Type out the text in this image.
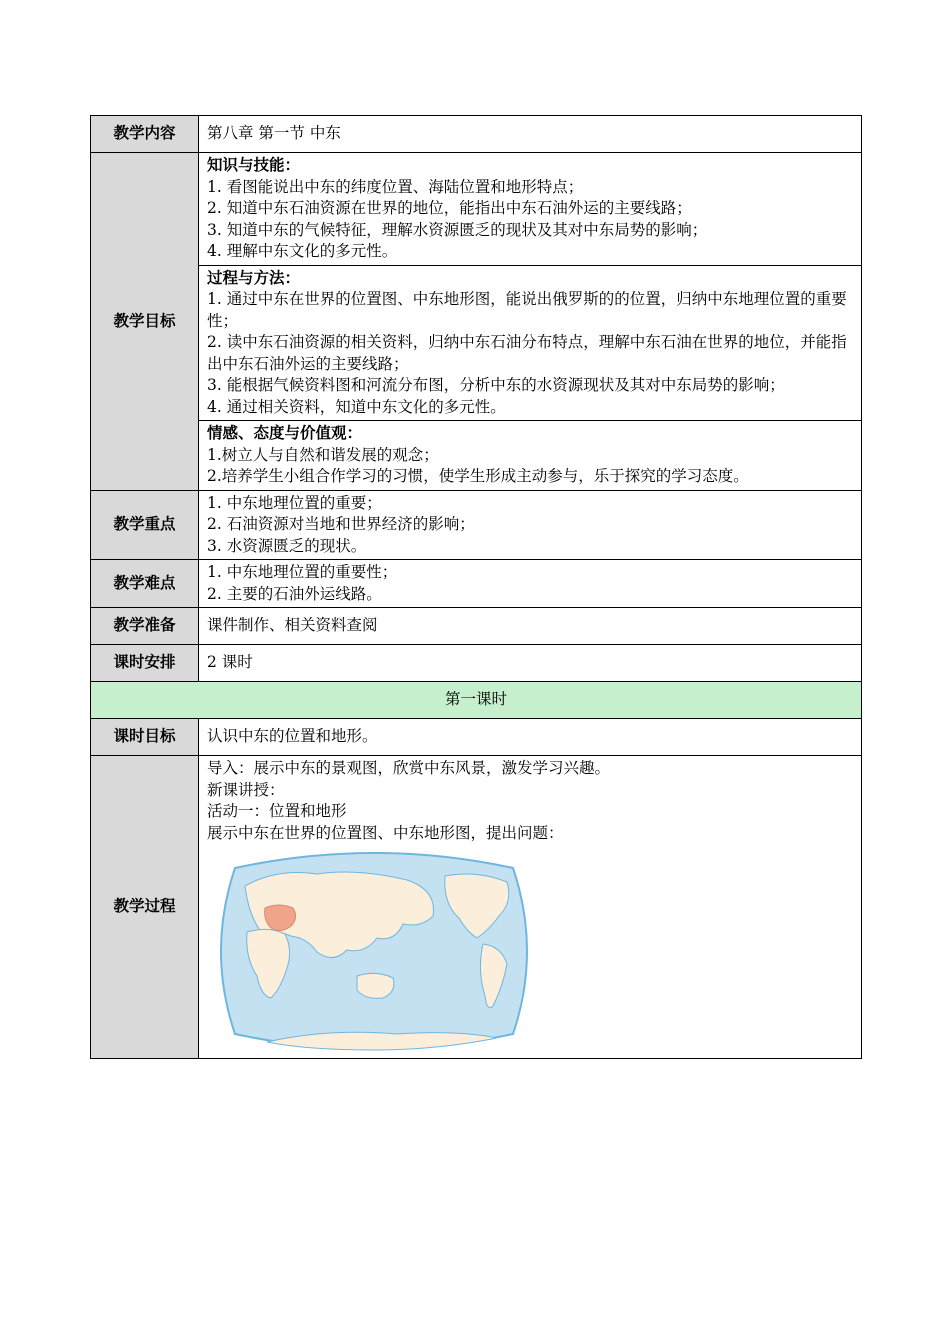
教学内容	第八章 第一节 中东
教学目标	知识与技能：
1. 看图能说出中东的纬度位置、海陆位置和地形特点；
2. 知道中东石油资源在世界的地位，能指出中东石油外运的主要线路；
3. 知道中东的气候特征，理解水资源匮乏的现状及其对中东局势的影响；
4. 理解中东文化的多元性。

	过程与方法：
1. 通过中东在世界的位置图、中东地形图，能说出俄罗斯的的位置，归纳中东地理位置的重要性；
2. 读中东石油资源的相关资料，归纳中东石油分布特点，理解中东石油在世界的地位，并能指出中东石油外运的主要线路；
3. 能根据气候资料图和河流分布图，分析中东的水资源现状及其对中东局势的影响；
4. 通过相关资料，知道中东文化的多元性。

	情感、态度与价值观：
1.树立人与自然和谐发展的观念；
2.培养学生小组合作学习的习惯，使学生形成主动参与，乐于探究的学习态度。

教学重点	1. 中东地理位置的重要；
2. 石油资源对当地和世界经济的影响；
3. 水资源匮乏的现状。

教学难点	1. 中东地理位置的重要性；
2. 主要的石油外运线路。

教学准备	课件制作、相关资料查阅
课时安排	2 课时
第一课时	
课时目标	认识中东的位置和地形。
教学过程	导入：展示中东的景观图，欣赏中东风景，激发学习兴趣。
新课讲授：
活动一：位置和地形
展示中东在世界的位置图、中东地形图，提出问题：
